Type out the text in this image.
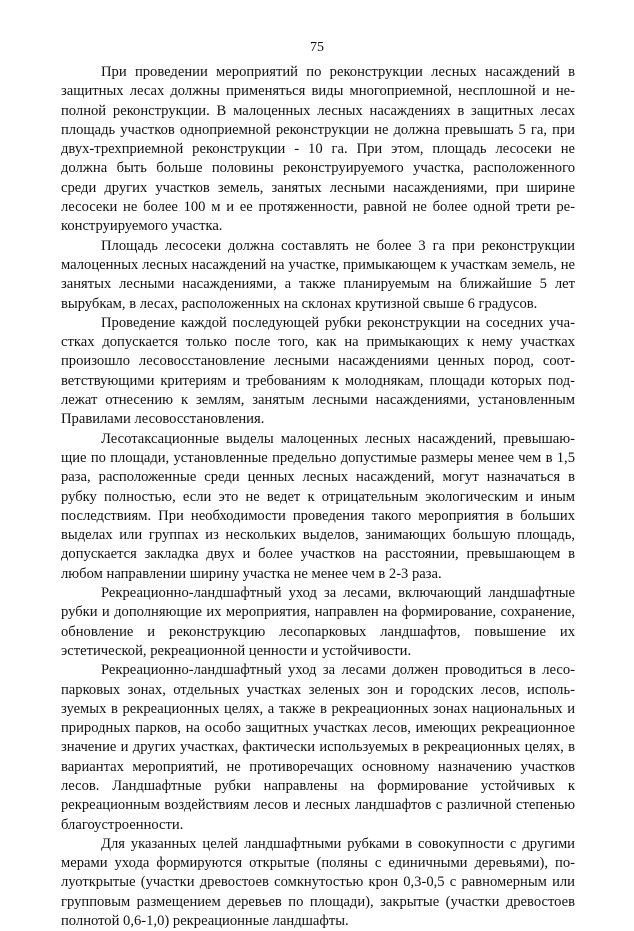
75

При проведении мероприятий по реконструкции лесных насаждений в защитных лесах должны применяться виды многоприемной, несплошной и неполной реконструкции. В малоценных лесных насаждениях в защитных лесах площадь участков одноприемной реконструкции не должна превышать 5 га, при двух-трехприемной реконструкции - 10 га. При этом, площадь лесосеки не должна быть больше половины реконструируемого участка, расположенного среди других участков земель, занятых лесными насаждениями, при ширине лесосеки не более 100 м и ее протяженности, равной не более одной трети реконструируемого участка.

Площадь лесосеки должна составлять не более 3 га при реконструкции малоценных лесных насаждений на участке, примыкающем к участкам земель, не занятых лесными насаждениями, а также планируемым на ближайшие 5 лет вырубкам, в лесах, расположенных на склонах крутизной свыше 6 градусов.

Проведение каждой последующей рубки реконструкции на соседних участках допускается только после того, как на примыкающих к нему участках произошло лесовосстановление лесными насаждениями ценных пород, соответствующими критериям и требованиям к молоднякам, площади которых подлежат отнесению к землям, занятым лесными насаждениями, установленным Правилами лесовосстановления.

Лесотаксационные выделы малоценных лесных насаждений, превышающие по площади, установленные предельно допустимые размеры менее чем в 1,5 раза, расположенные среди ценных лесных насаждений, могут назначаться в рубку полностью, если это не ведет к отрицательным экологическим и иным последствиям. При необходимости проведения такого мероприятия в больших выделах или группах из нескольких выделов, занимающих большую площадь, допускается закладка двух и более участков на расстоянии, превышающем в любом направлении ширину участка не менее чем в 2-3 раза.

Рекреационно-ландшафтный уход за лесами, включающий ландшафтные рубки и дополняющие их мероприятия, направлен на формирование, сохранение, обновление и реконструкцию лесопарковых ландшафтов, повышение их эстетической, рекреационной ценности и устойчивости.

Рекреационно-ландшафтный уход за лесами должен проводиться в лесопарковых зонах, отдельных участках зеленых зон и городских лесов, используемых в рекреационных целях, а также в рекреационных зонах национальных и природных парков, на особо защитных участках лесов, имеющих рекреационное значение и других участках, фактически используемых в рекреационных целях, в вариантах мероприятий, не противоречащих основному назначению участков лесов. Ландшафтные рубки направлены на формирование устойчивых к рекреационным воздействиям лесов и лесных ландшафтов с различной степенью благоустроенности.

Для указанных целей ландшафтными рубками в совокупности с другими мерами ухода формируются открытые (поляны с единичными деревьями), полуоткрытые (участки древостоев сомкнутостью крон 0,3-0,5 с равномерным или групповым размещением деревьев по площади), закрытые (участки древостоев полнотой 0,6-1,0) рекреационные ландшафты.
